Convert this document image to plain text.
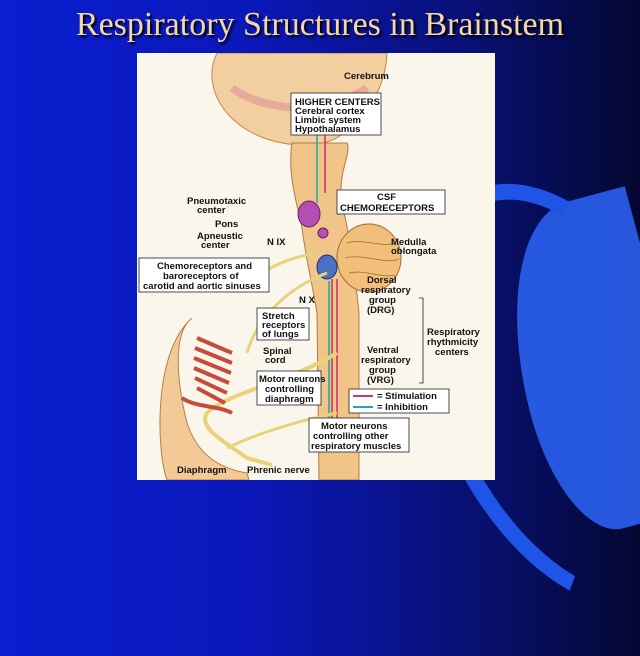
Respiratory Structures in Brainstem
Cerebrum
HIGHER CENTERS
Cerebral cortex
Limbic system
Hypothalamus
Pneumotaxic
center
CSF
CHEMORECEPTORS
Pons
Apneustic
center	N IX	Medulla
oblongata
Chemoreceptors and
baroreceptors of
carotid and aortic sinuses
N X
Dorsal
respiratory
group
(DRG)
Stretch
receptors
of lungs	Respiratory
rhythmicity
centers
Spinal
cord
Ventral
respiratory
group
(VRG)
Motor neurons
controlling
diaphragm	= Stimulation
= Inhibition
Motor neurons
controlling other
respiratory muscles
Diaphragm Phrenic nerve
